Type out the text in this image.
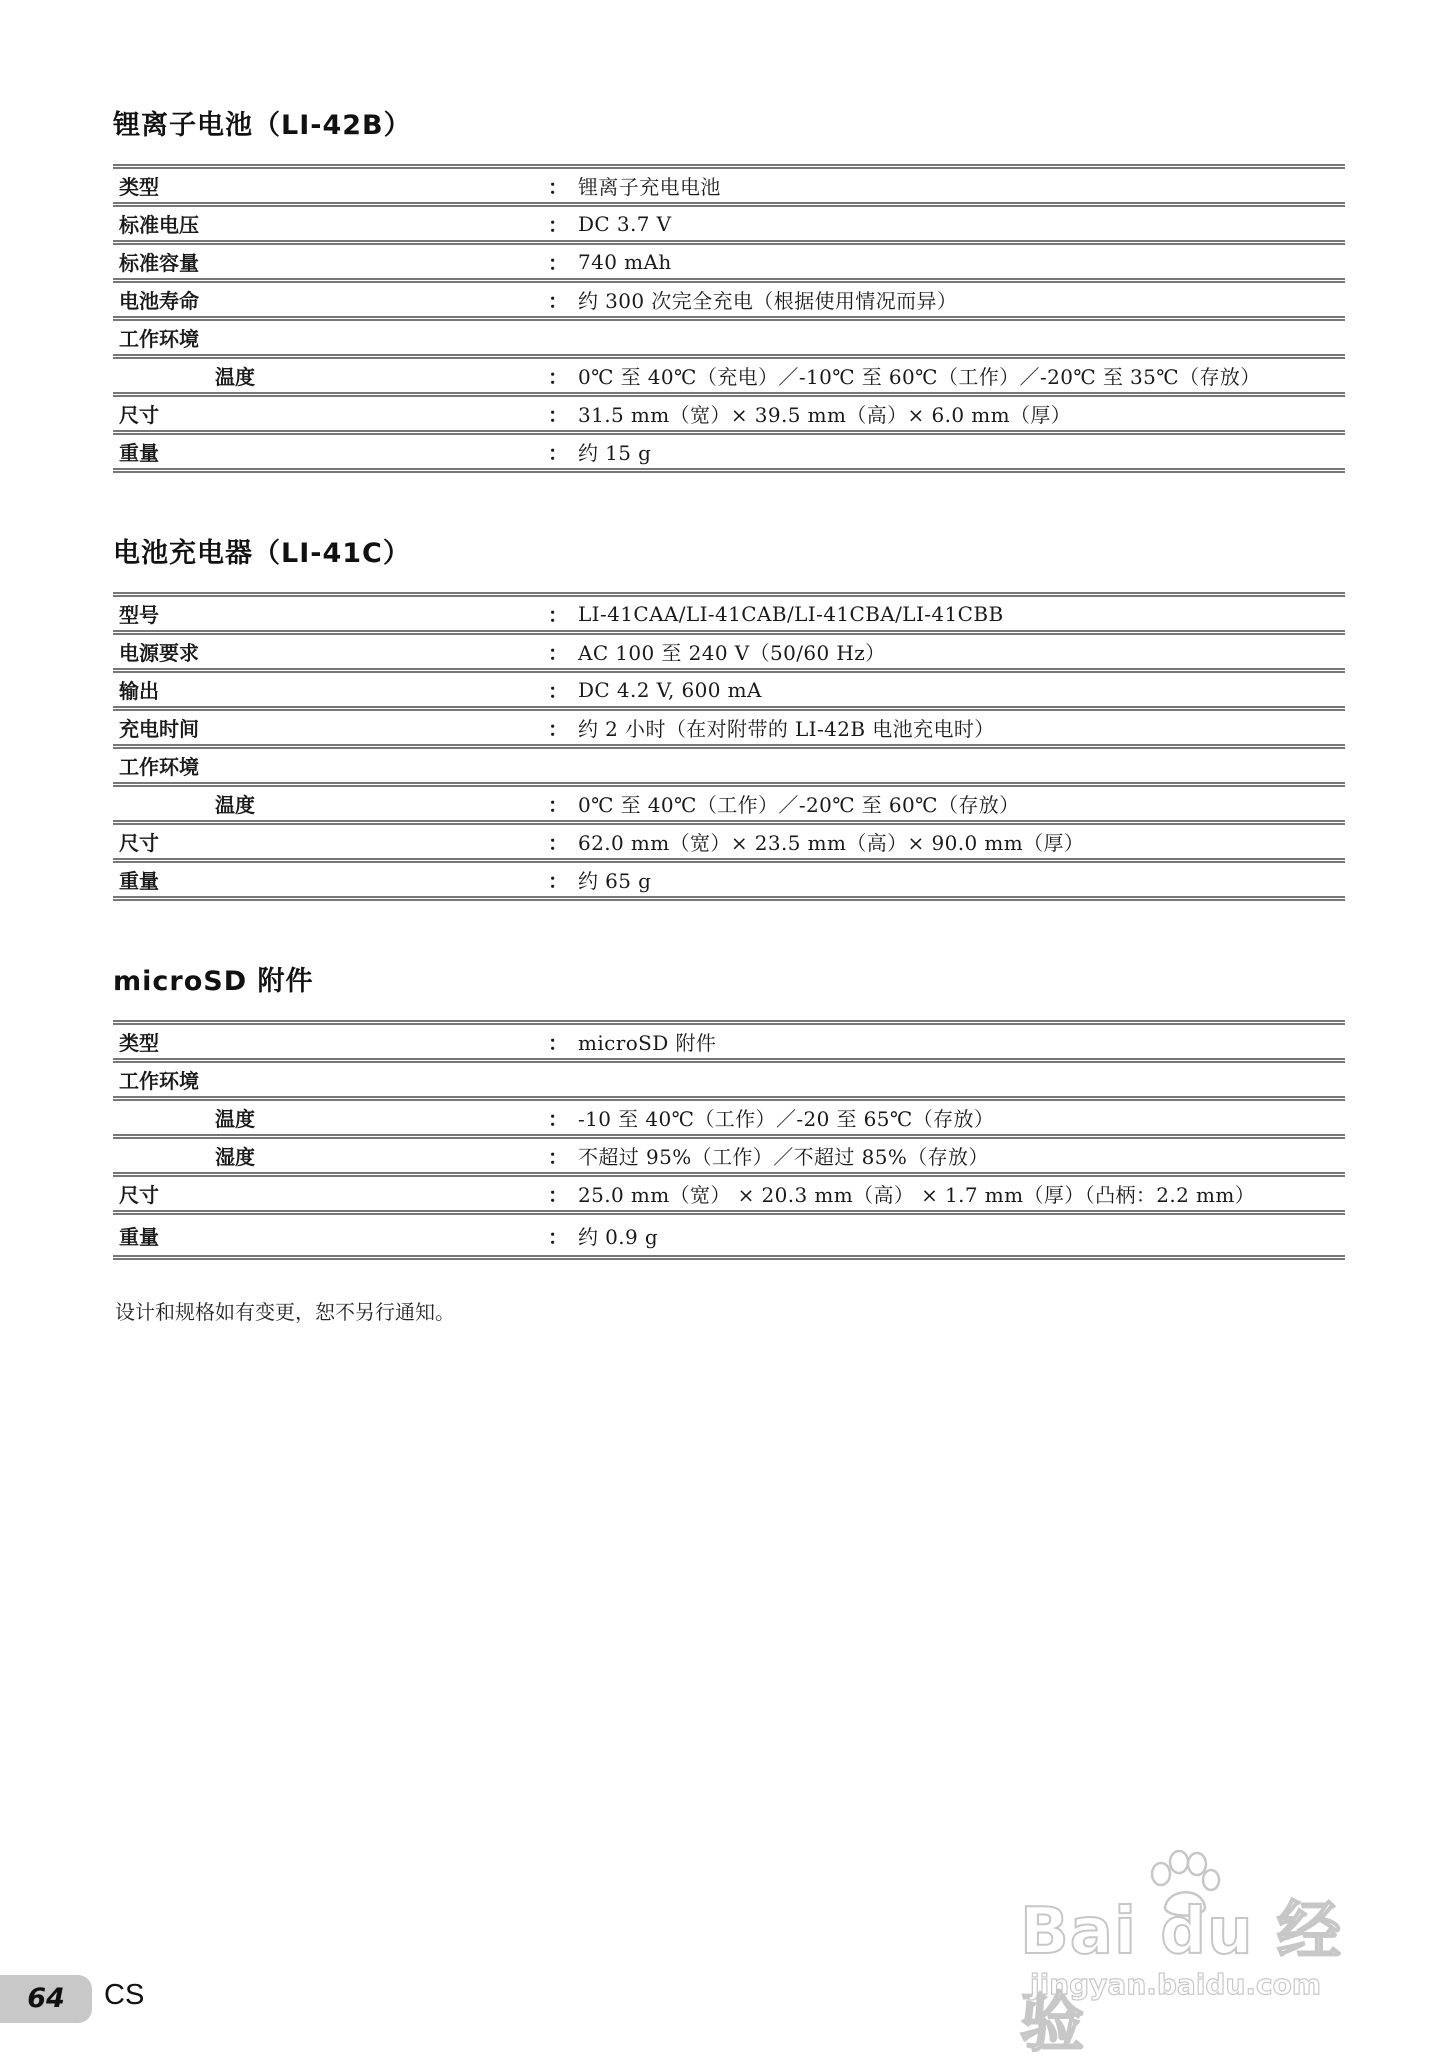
锂离子电池（LI-42B）
类型	：	锂离子充电电池
标准电压	：	DC 3.7 V
标准容量	：	740 mAh
电池寿命	：	约 300 次完全充电（根据使用情况而异）
工作环境		
温度	：	0℃ 至 40℃（充电）／-10℃ 至 60℃（工作）／-20℃ 至 35℃（存放）
尺寸	：	31.5 mm（宽）× 39.5 mm（高）× 6.0 mm（厚）
重量	：	约 15 g
电池充电器（LI-41C）
型号	：	LI-41CAA/LI-41CAB/LI-41CBA/LI-41CBB
电源要求	：	AC 100 至 240 V（50/60 Hz）
输出	：	DC 4.2 V, 600 mA
充电时间	：	约 2 小时（在对附带的 LI-42B 电池充电时）
工作环境		
温度	：	0℃ 至 40℃（工作）／-20℃ 至 60℃（存放）
尺寸	：	62.0 mm（宽）× 23.5 mm（高）× 90.0 mm（厚）
重量	：	约 65 g
microSD 附件
类型	：	microSD 附件
工作环境		
温度	：	-10 至 40℃（工作）／-20 至 65℃（存放）
湿度	：	不超过 95%（工作）／不超过 85%（存放）
尺寸	：	25.0 mm（宽） × 20.3 mm（高） × 1.7 mm（厚）（凸柄：2.2 mm）
重量	：	约 0.9 g
设计和规格如有变更，恕不另行通知。
Bai du 经验
jingyan.baidu.com
64	CS
